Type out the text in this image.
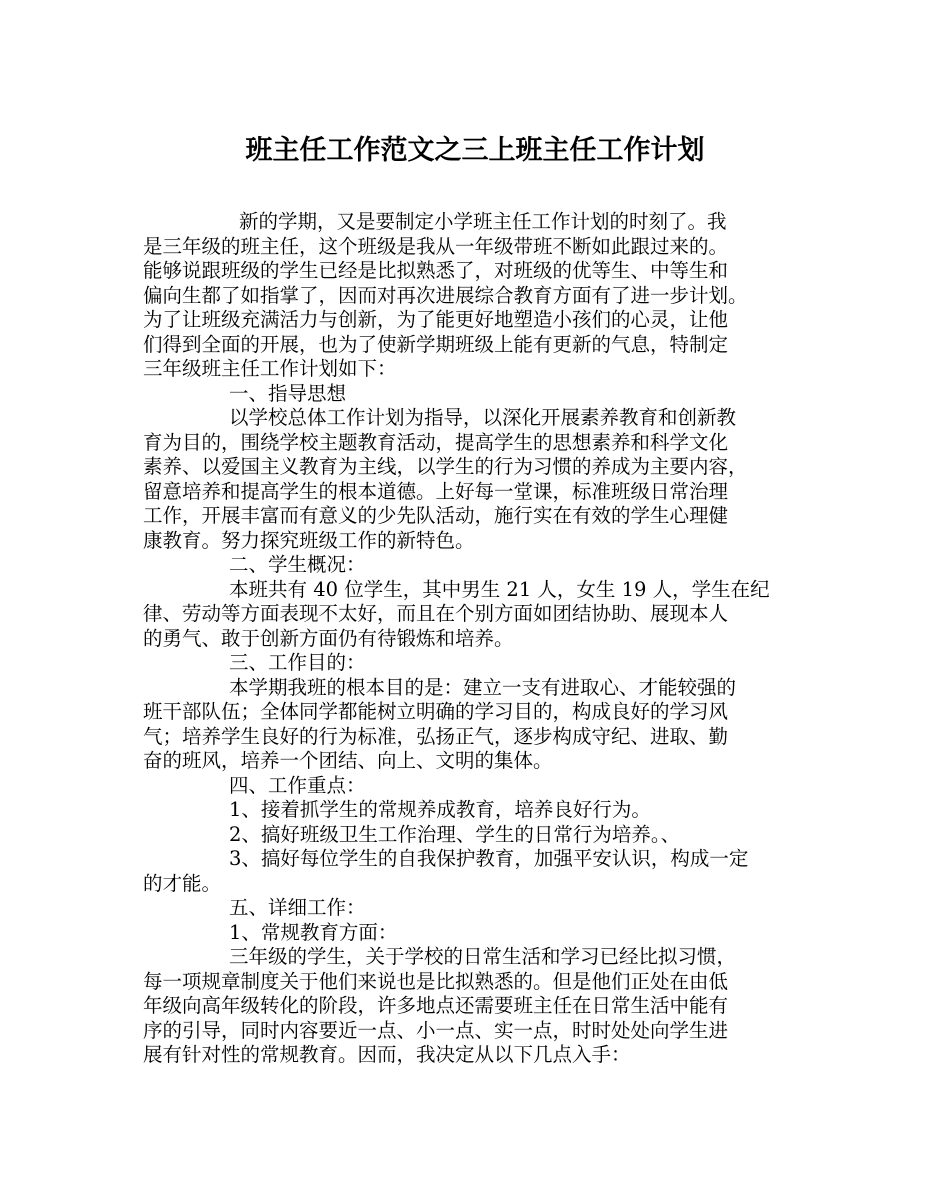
班主任工作范文之三上班主任工作计划
新的学期，又是要制定小学班主任工作计划的时刻了。我
是三年级的班主任，这个班级是我从一年级带班不断如此跟过来的。
能够说跟班级的学生已经是比拟熟悉了，对班级的优等生、中等生和
偏向生都了如指掌了，因而对再次进展综合教育方面有了进一步计划。
为了让班级充满活力与创新，为了能更好地塑造小孩们的心灵，让他
们得到全面的开展，也为了使新学期班级上能有更新的气息，特制定
三年级班主任工作计划如下：
一、指导思想
以学校总体工作计划为指导，以深化开展素养教育和创新教
育为目的，围绕学校主题教育活动，提高学生的思想素养和科学文化
素养、以爱国主义教育为主线，以学生的行为习惯的养成为主要内容，
留意培养和提高学生的根本道德。上好每一堂课，标准班级日常治理
工作，开展丰富而有意义的少先队活动，施行实在有效的学生心理健
康教育。努力探究班级工作的新特色。
二、学生概况：
本班共有 40 位学生，其中男生 21 人，女生 19 人，学生在纪
律、劳动等方面表现不太好，而且在个别方面如团结协助、展现本人
的勇气、敢于创新方面仍有待锻炼和培养。
三、工作目的：
本学期我班的根本目的是：建立一支有进取心、才能较强的
班干部队伍；全体同学都能树立明确的学习目的，构成良好的学习风
气；培养学生良好的行为标准，弘扬正气，逐步构成守纪、进取、勤
奋的班风，培养一个团结、向上、文明的集体。
四、工作重点：
1、接着抓学生的常规养成教育，培养良好行为。
2、搞好班级卫生工作治理、学生的日常行为培养。、
3、搞好每位学生的自我保护教育，加强平安认识，构成一定
的才能。
五、详细工作：
1、常规教育方面：
三年级的学生，关于学校的日常生活和学习已经比拟习惯，
每一项规章制度关于他们来说也是比拟熟悉的。但是他们正处在由低
年级向高年级转化的阶段，许多地点还需要班主任在日常生活中能有
序的引导，同时内容要近一点、小一点、实一点，时时处处向学生进
展有针对性的常规教育。因而，我决定从以下几点入手：
